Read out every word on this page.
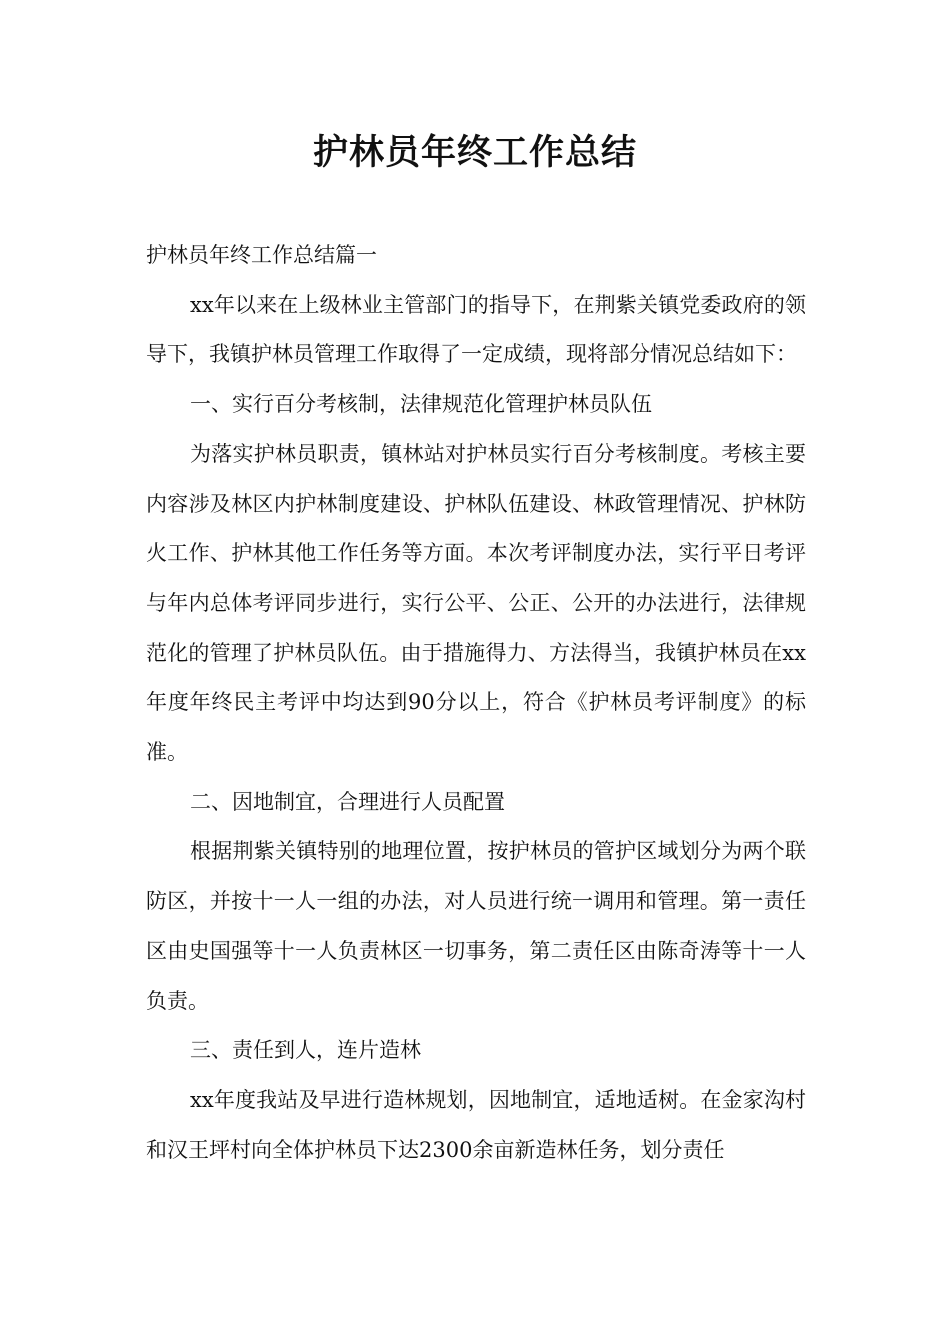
护林员年终工作总结

护林员年终工作总结篇一

xx年以来在上级林业主管部门的指导下，在荆紫关镇党委政府的领导下，我镇护林员管理工作取得了一定成绩，现将部分情况总结如下：

一、实行百分考核制，法律规范化管理护林员队伍

为落实护林员职责，镇林站对护林员实行百分考核制度。考核主要内容涉及林区内护林制度建设、护林队伍建设、林政管理情况、护林防火工作、护林其他工作任务等方面。本次考评制度办法，实行平日考评与年内总体考评同步进行，实行公平、公正、公开的办法进行，法律规范化的管理了护林员队伍。由于措施得力、方法得当，我镇护林员在xx年度年终民主考评中均达到90分以上，符合《护林员考评制度》的标准。

二、因地制宜，合理进行人员配置

根据荆紫关镇特别的地理位置，按护林员的管护区域划分为两个联防区，并按十一人一组的办法，对人员进行统一调用和管理。第一责任区由史国强等十一人负责林区一切事务，第二责任区由陈奇涛等十一人负责。

三、责任到人，连片造林

xx年度我站及早进行造林规划，因地制宜，适地适树。在金家沟村和汉王坪村向全体护林员下达2300余亩新造林任务，划分责任
